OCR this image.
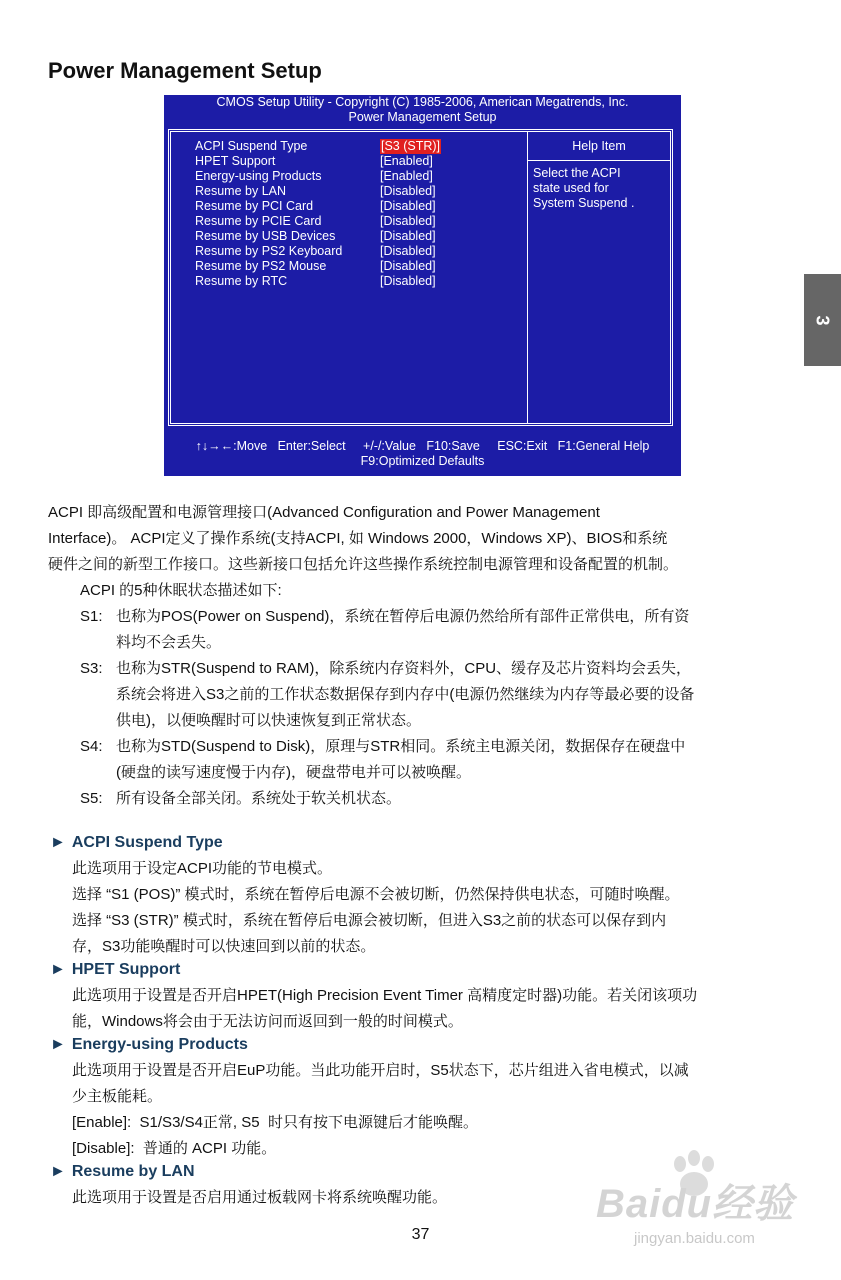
Power Management Setup
3
CMOS Setup Utility - Copyright (C) 1985-2006, American Megatrends, Inc.
Power Management Setup
ACPI Suspend Type	[S3 (STR)]
HPET Support	[Enabled]
Energy-using Products	[Enabled]
Resume by LAN	[Disabled]
Resume by PCI Card	[Disabled]
Resume by PCIE Card	[Disabled]
Resume by USB Devices	[Disabled]
Resume by PS2 Keyboard	[Disabled]
Resume by PS2 Mouse	[Disabled]
Resume by RTC	[Disabled]
Help Item
Select the ACPI
state used for
System Suspend .
↑↓→←:Move   Enter:Select     +/-/:Value   F10:Save     ESC:Exit   F1:General Help
F9:Optimized Defaults
ACPI 即高级配置和电源管理接口(Advanced Configuration and Power Management
Interface)。 ACPI定义了操作系统(支持ACPI, 如 Windows 2000，Windows XP)、BIOS和系统
硬件之间的新型工作接口。这些新接口包括允许这些操作系统控制电源管理和设备配置的机制。
ACPI 的5种休眠状态描述如下:
S1: 也称为POS(Power on Suspend)，系统在暂停后电源仍然给所有部件正常供电，所有资
料均不会丢失。
S3: 也称为STR(Suspend to RAM)，除系统内存资料外，CPU、缓存及芯片资料均会丢失，
系统会将进入S3之前的工作状态数据保存到内存中(电源仍然继续为内存等最必要的设备
供电)，以便唤醒时可以快速恢复到正常状态。
S4: 也称为STD(Suspend to Disk)，原理与STR相同。系统主电源关闭，数据保存在硬盘中
(硬盘的读写速度慢于内存)，硬盘带电并可以被唤醒。
S5: 所有设备全部关闭。系统处于软关机状态。
► ACPI Suspend Type
此选项用于设定ACPI功能的节电模式。
选择 “S1 (POS)” 模式时，系统在暂停后电源不会被切断，仍然保持供电状态，可随时唤醒。
选择 “S3 (STR)” 模式时，系统在暂停后电源会被切断，但进入S3之前的状态可以保存到内
存，S3功能唤醒时可以快速回到以前的状态。
► HPET Support
此选项用于设置是否开启HPET(High Precision Event Timer 高精度定时器)功能。若关闭该项功
能，Windows将会由于无法访问而返回到一般的时间模式。
► Energy-using Products
此选项用于设置是否开启EuP功能。当此功能开启时，S5状态下，芯片组进入省电模式，以减
少主板能耗。
[Enable]:  S1/S3/S4正常, S5  时只有按下电源键后才能唤醒。
[Disable]:  普通的 ACPI 功能。
► Resume by LAN
此选项用于设置是否启用通过板载网卡将系统唤醒功能。	Baidu经验
jingyan.baidu.com
37
